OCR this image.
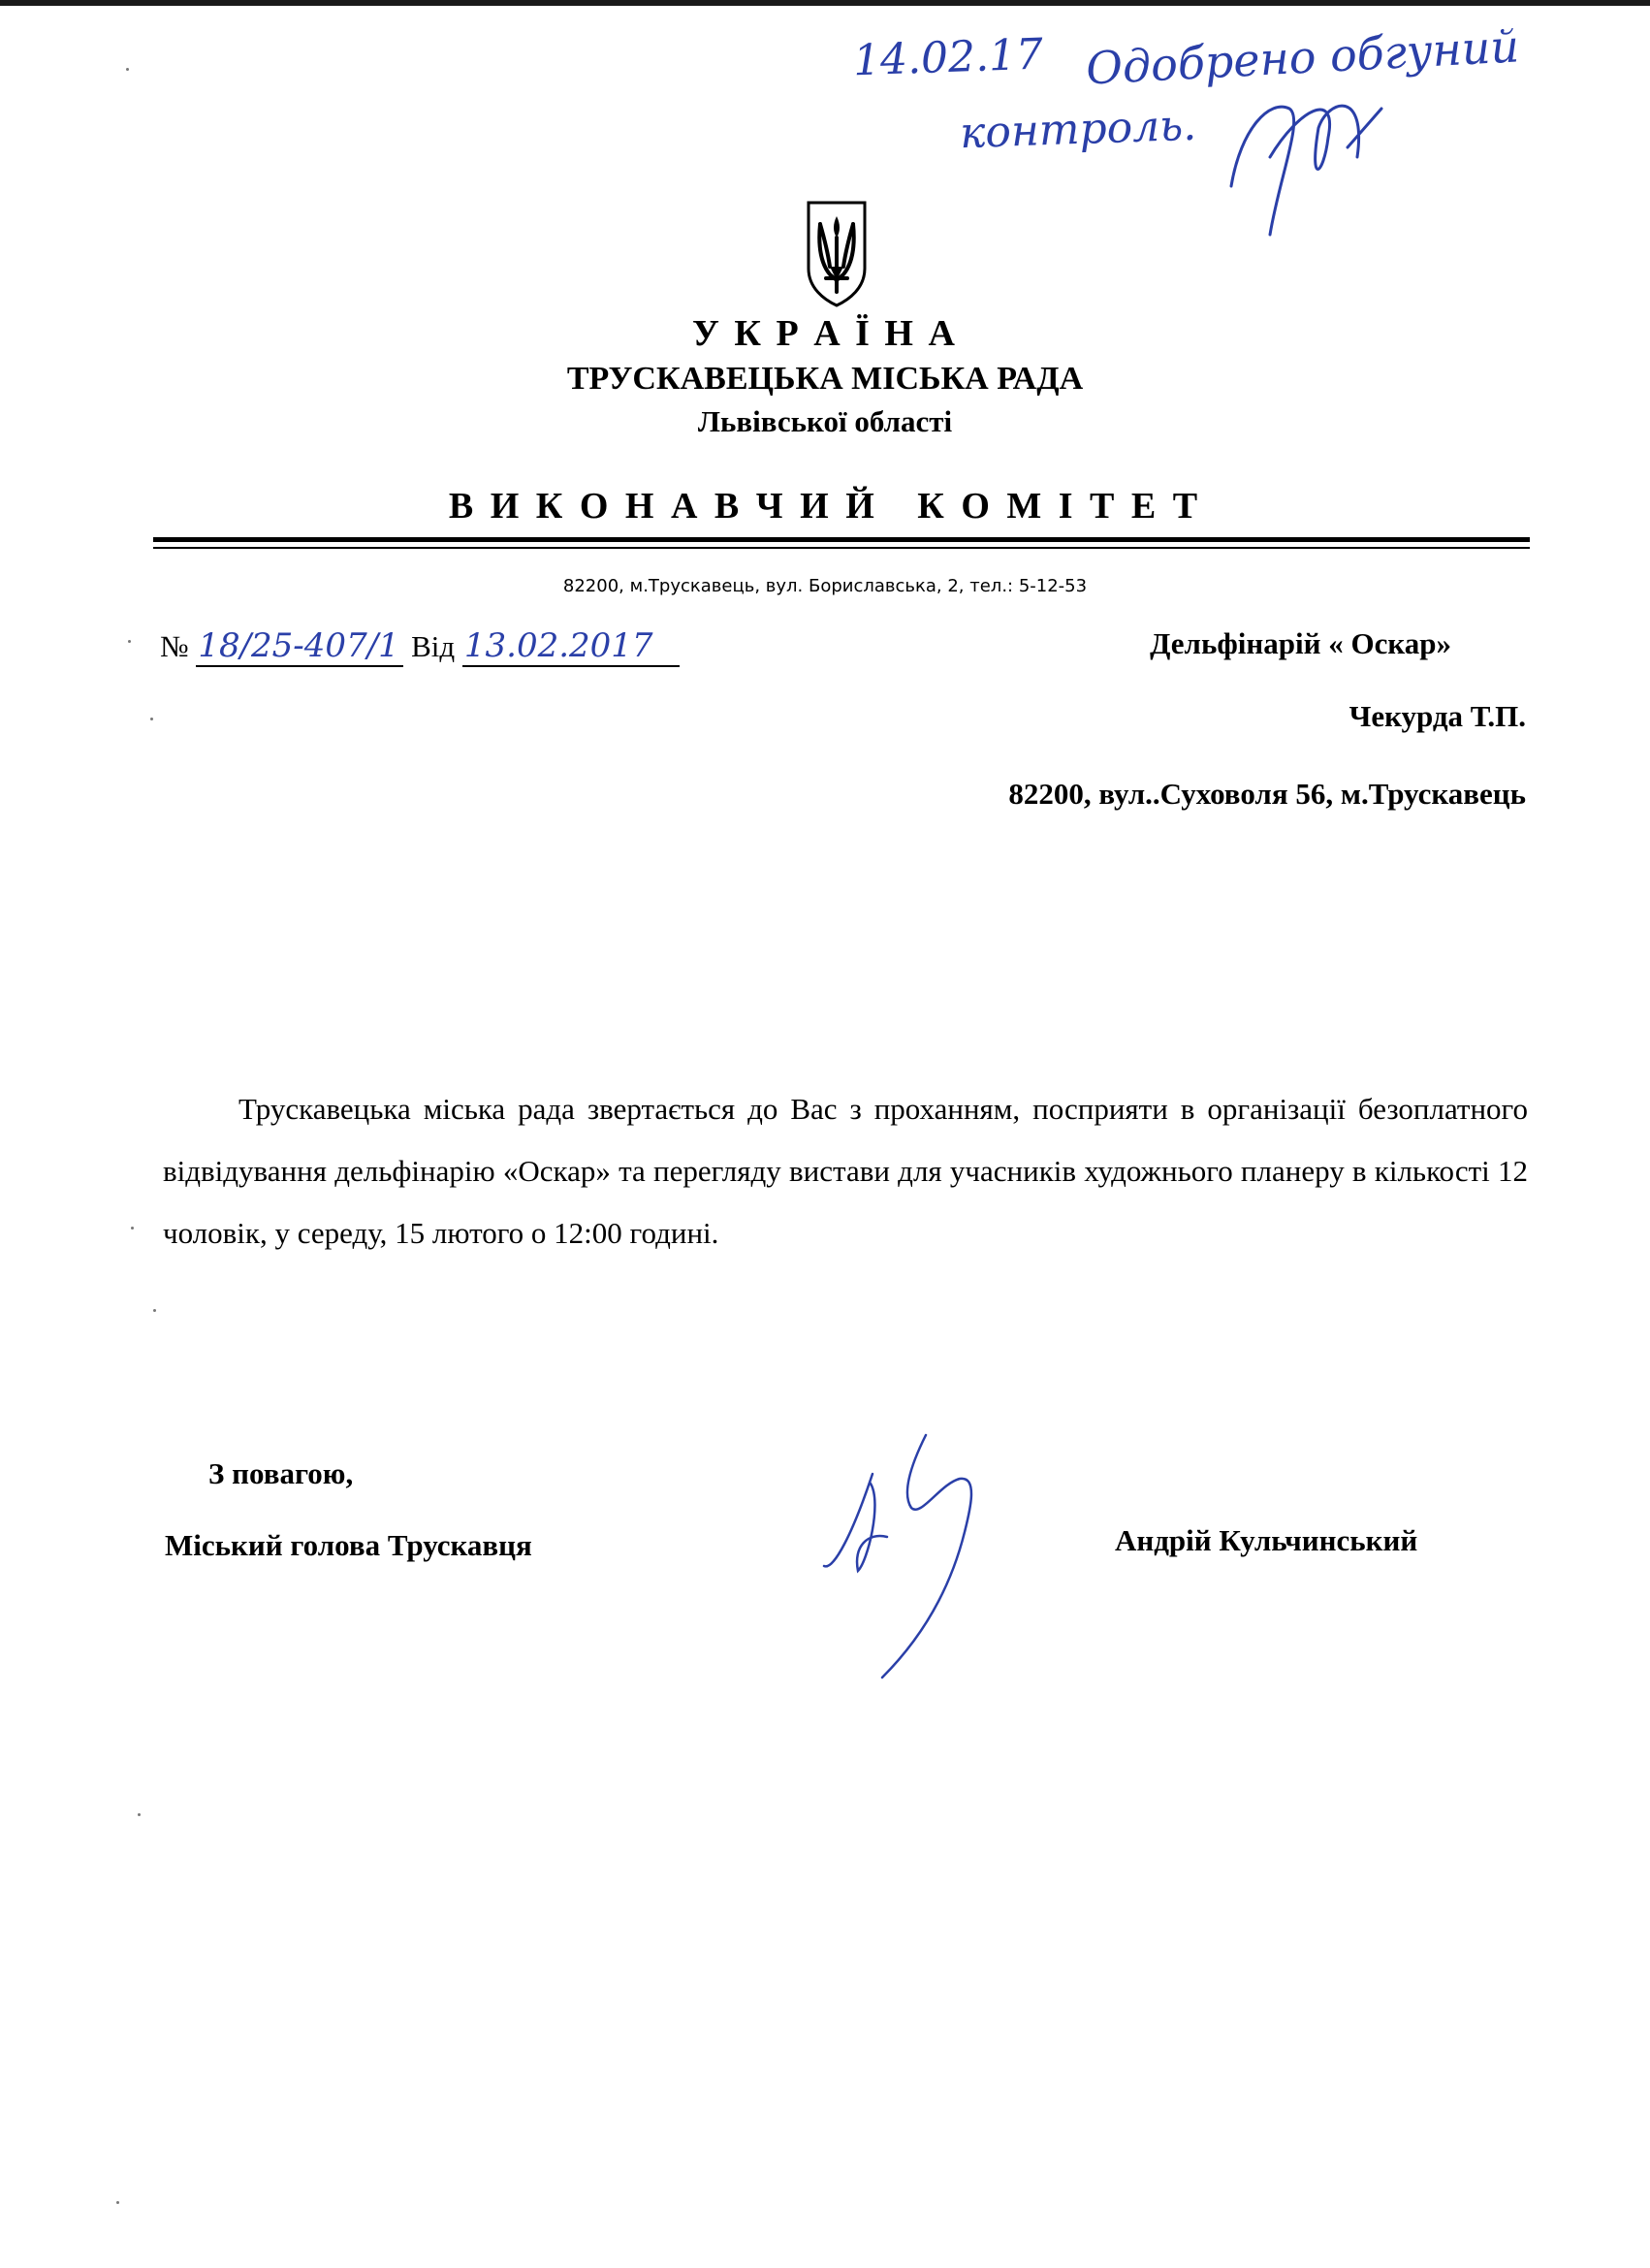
14.02.17 Одобрено обгуний
контроль.
У К Р А Ї Н А
ТРУСКАВЕЦЬКА МІСЬКА РАДА
Львівської області
В И К О Н А В Ч И Й   К О М І Т Е Т
82200, м.Трускавець, вул. Бориславська, 2, тел.: 5-12-53
№ 18/25-407/1 Від 13.02.2017	Дельфінарій « Оскар»
Чекурда Т.П.
82200, вул..Суховоля 56, м.Трускавець
Трускавецька міська рада звертається до Вас з проханням, посприяти в організації безоплатного відвідування дельфінарію «Оскар» та перегляду вистави для учасників художнього планеру в кількості 12 чоловік, у середу, 15 лютого о 12:00 годині.
З повагою,
Міський голова Трускавця	Андрій Кульчинський
